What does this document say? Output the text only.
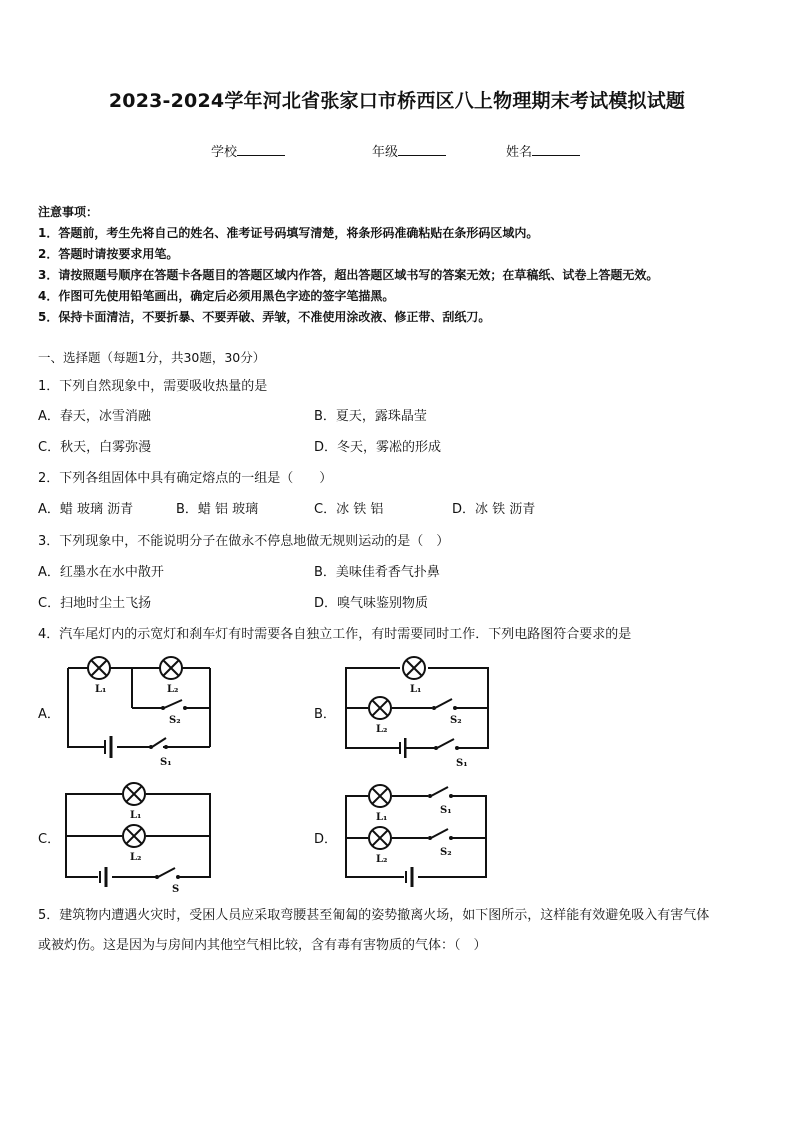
2023-2024学年河北省张家口市桥西区八上物理期末考试模拟试题
学校	年级	姓名
注意事项：
1．答题前，考生先将自己的姓名、准考证号码填写清楚，将条形码准确粘贴在条形码区域内。
2．答题时请按要求用笔。
3．请按照题号顺序在答题卡各题目的答题区域内作答，超出答题区域书写的答案无效；在草稿纸、试卷上答题无效。
4．作图可先使用铅笔画出，确定后必须用黑色字迹的签字笔描黑。
5．保持卡面清洁，不要折暴、不要弄破、弄皱，不准使用涂改液、修正带、刮纸刀。
一、选择题（每题1分，共30题，30分）
1．下列自然现象中，需要吸收热量的是
A．春天，冰雪消融	B．夏天，露珠晶莹
C．秋天，白雾弥漫	D．冬天，雾凇的形成
2．下列各组固体中具有确定熔点的一组是（　　）
A．蜡 玻璃 沥青	B．蜡 铝 玻璃	C．冰 铁 铝	D．冰 铁 沥青
3．下列现象中，不能说明分子在做永不停息地做无规则运动的是（　）
A．红墨水在水中散开	B．美味佳肴香气扑鼻
C．扫地时尘土飞扬	D．嗅气味鉴别物质
4．汽车尾灯内的示宽灯和刹车灯有时需要各自独立工作，有时需要同时工作．下列电路图符合要求的是
A．
L₁	L₂
S₂
S₁
B．
L₁
L₂
S₂
S₁
C．
L₁
L₂
S
D．
L₁
L₂
S₁
S₂
5．建筑物内遭遇火灾时，受困人员应采取弯腰甚至匍匐的姿势撤离火场，如下图所示，这样能有效避免吸入有害气体
或被灼伤。这是因为与房间内其他空气相比较，含有毒有害物质的气体：（　）
